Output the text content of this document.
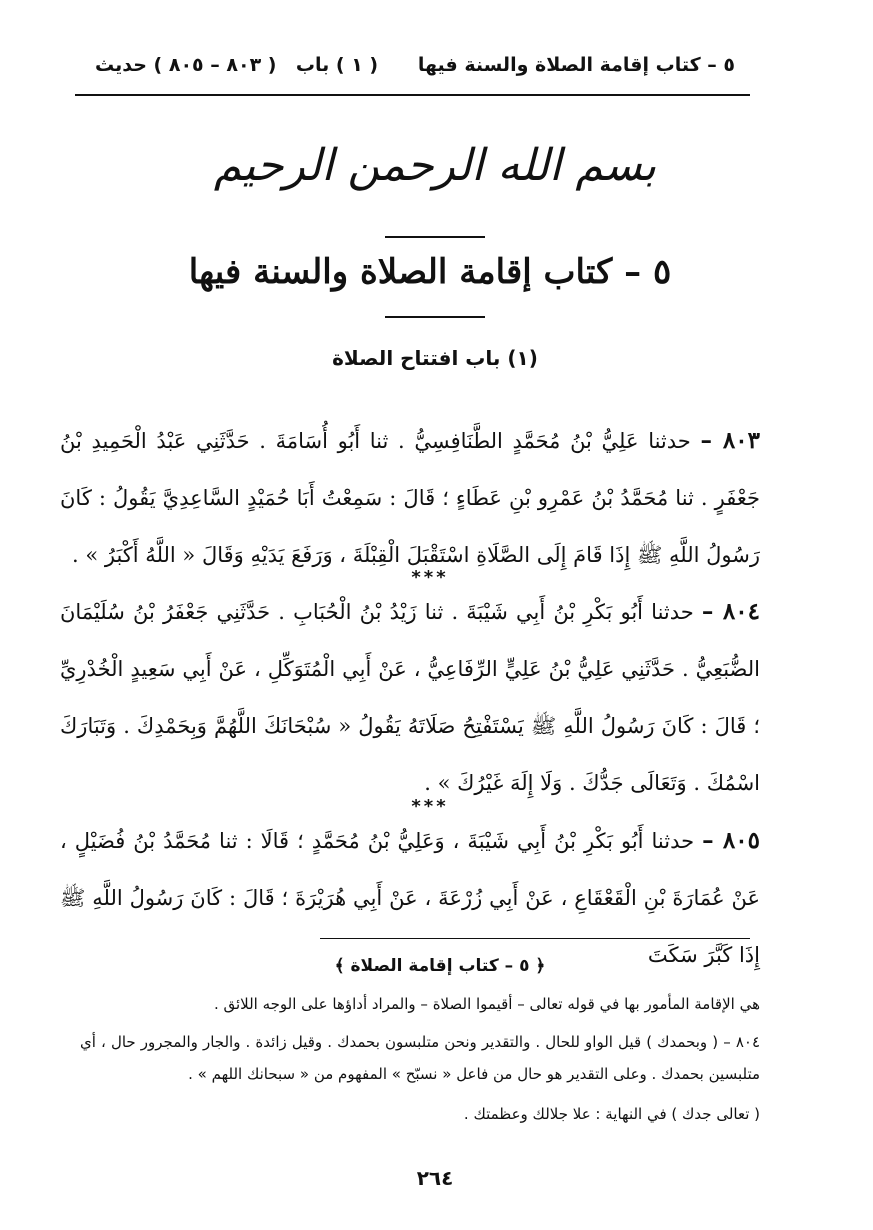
٥ – كتاب إقامة الصلاة والسنة فيها      ( ١ ) باب
( ٨٠٣ – ٨٠٥ ) حديث
بسم الله الرحمن الرحيم
٥ – كتاب إقامة الصلاة والسنة فيها
(١) باب افتتاح الصلاة
٨٠٣ – حدثنا عَلِيُّ بْنُ مُحَمَّدٍ الطَّنَافِسِيُّ . ثنا أَبُو أُسَامَةَ . حَدَّثَنِي عَبْدُ الْحَمِيدِ بْنُ جَعْفَرٍ . ثنا مُحَمَّدُ بْنُ عَمْرِو بْنِ عَطَاءٍ ؛ قَالَ : سَمِعْتُ أَبَا حُمَيْدٍ السَّاعِدِيَّ يَقُولُ : كَانَ رَسُولُ اللَّهِ ﷺ إِذَا قَامَ إِلَى الصَّلَاةِ اسْتَقْبَلَ الْقِبْلَةَ ، وَرَفَعَ يَدَيْهِ وَقَالَ « اللَّهُ أَكْبَرُ » .
***
٨٠٤ – حدثنا أَبُو بَكْرِ بْنُ أَبِي شَيْبَةَ . ثنا زَيْدُ بْنُ الْحُبَابِ . حَدَّثَنِي جَعْفَرُ بْنُ سُلَيْمَانَ الضُّبَعِيُّ . حَدَّثَنِي عَلِيُّ بْنُ عَلِيٍّ الرِّفَاعِيُّ ، عَنْ أَبِي الْمُتَوَكِّلِ ، عَنْ أَبِي سَعِيدٍ الْخُدْرِيِّ ؛ قَالَ : كَانَ رَسُولُ اللَّهِ ﷺ يَسْتَفْتِحُ صَلَاتَهُ يَقُولُ « سُبْحَانَكَ اللَّهُمَّ وَبِحَمْدِكَ . وَتَبَارَكَ اسْمُكَ . وَتَعَالَى جَدُّكَ . وَلَا إِلَهَ غَيْرُكَ » .
***
٨٠٥ – حدثنا أَبُو بَكْرِ بْنُ أَبِي شَيْبَةَ ، وَعَلِيُّ بْنُ مُحَمَّدٍ ؛ قَالَا : ثنا مُحَمَّدُ بْنُ فُضَيْلٍ ، عَنْ عُمَارَةَ بْنِ الْقَعْقَاعِ ، عَنْ أَبِي زُرْعَةَ ، عَنْ أَبِي هُرَيْرَةَ ؛ قَالَ : كَانَ رَسُولُ اللَّهِ ﷺ إِذَا كَبَّرَ سَكَتَ
﴿ ٥ – كتاب إقامة الصلاة ﴾
هي الإقامة المأمور بها في قوله تعالى – أقيموا الصلاة – والمراد أداؤها على الوجه اللائق .
٨٠٤ – ( وبحمدك ) قيل الواو للحال . والتقدير ونحن متلبسون بحمدك . وقيل زائدة . والجار والمجرور حال ، أي متلبسين بحمدك . وعلى التقدير هو حال من فاعل « نسبّح » المفهوم من « سبحانك اللهم » .
( تعالى جدك ) في النهاية : علا جلالك وعظمتك .
٢٦٤
